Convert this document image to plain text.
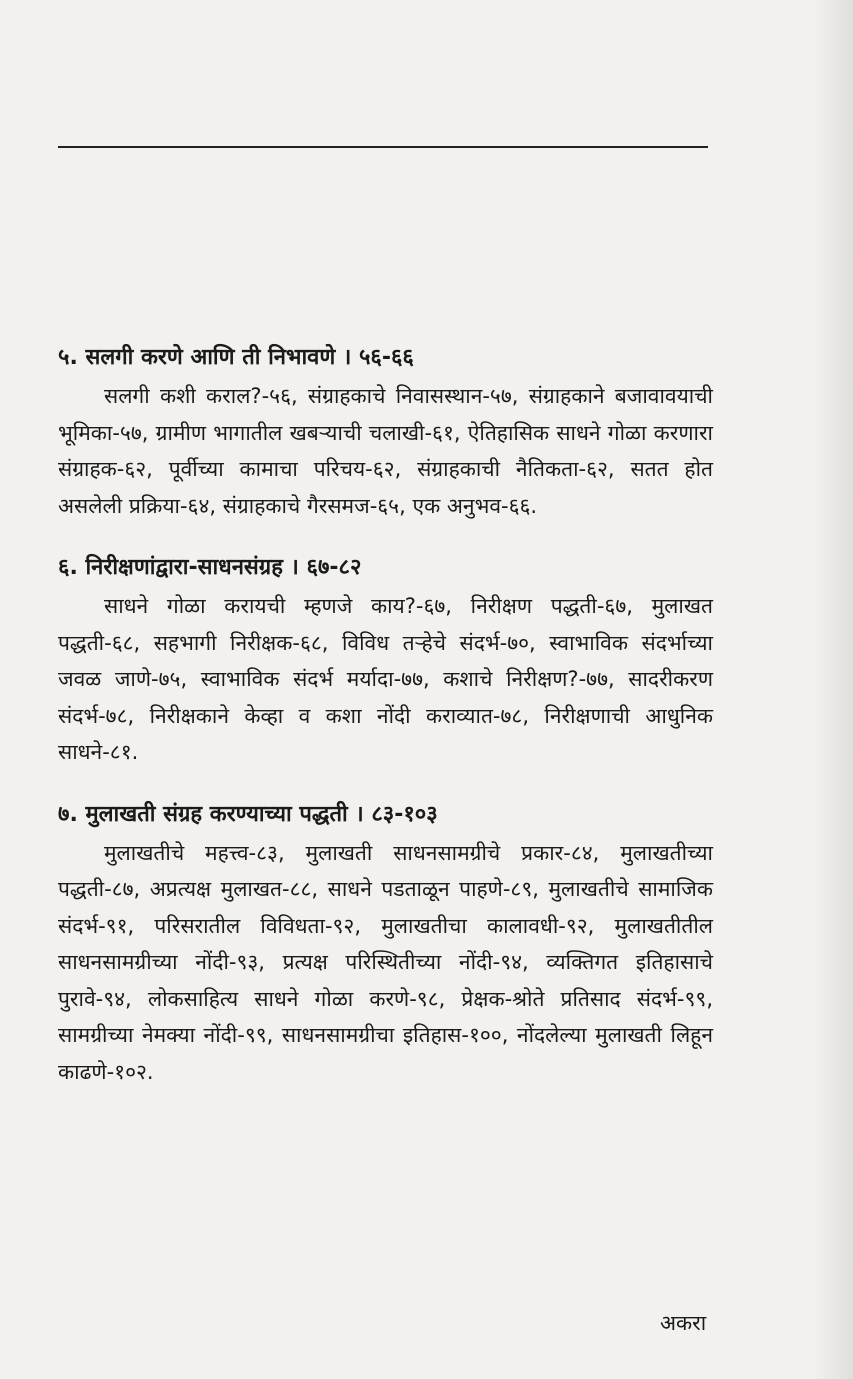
५. सलगी करणे आणि ती निभावणे । ५६-६६

सलगी कशी कराल?-५६, संग्राहकाचे निवासस्थान-५७, संग्राहकाने बजावावयाची भूमिका-५७, ग्रामीण भागातील खबऱ्याची चलाखी-६१, ऐतिहासिक साधने गोळा करणारा संग्राहक-६२, पूर्वीच्या कामाचा परिचय-६२, संग्राहकाची नैतिकता-६२, सतत होत असलेली प्रक्रिया-६४, संग्राहकाचे गैरसमज-६५, एक अनुभव-६६.

६. निरीक्षणांद्वारा-साधनसंग्रह । ६७-८२

साधने गोळा करायची म्हणजे काय?-६७, निरीक्षण पद्धती-६७, मुलाखत पद्धती-६८, सहभागी निरीक्षक-६८, विविध तऱ्हेचे संदर्भ-७०, स्वाभाविक संदर्भाच्या जवळ जाणे-७५, स्वाभाविक संदर्भ मर्यादा-७७, कशाचे निरीक्षण?-७७, सादरीकरण संदर्भ-७८, निरीक्षकाने केव्हा व कशा नोंदी कराव्यात-७८, निरीक्षणाची आधुनिक साधने-८१.

७. मुलाखती संग्रह करण्याच्या पद्धती । ८३-१०३

मुलाखतीचे महत्त्व-८३, मुलाखती साधनसामग्रीचे प्रकार-८४, मुलाखतीच्या पद्धती-८७, अप्रत्यक्ष मुलाखत-८८, साधने पडताळून पाहणे-८९, मुलाखतीचे सामाजिक संदर्भ-९१, परिसरातील विविधता-९२, मुलाखतीचा कालावधी-९२, मुलाखतीतील साधनसामग्रीच्या नोंदी-९३, प्रत्यक्ष परिस्थितीच्या नोंदी-९४, व्यक्तिगत इतिहासाचे पुरावे-९४, लोकसाहित्य साधने गोळा करणे-९८, प्रेक्षक-श्रोते प्रतिसाद संदर्भ-९९, सामग्रीच्या नेमक्या नोंदी-९९, साधनसामग्रीचा इतिहास-१००, नोंदलेल्या मुलाखती लिहून काढणे-१०२.

अकरा
